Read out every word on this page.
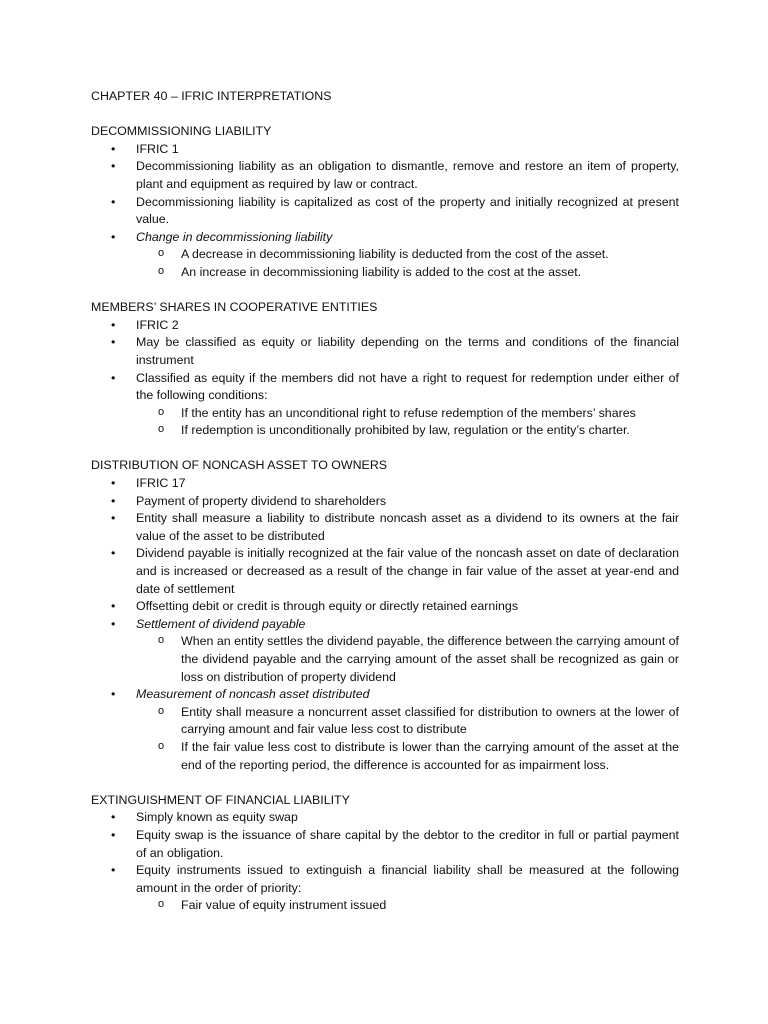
CHAPTER 40 – IFRIC INTERPRETATIONS
DECOMMISSIONING LIABILITY
• IFRIC 1
• Decommissioning liability as an obligation to dismantle, remove and restore an item of property, plant and equipment as required by law or contract.
• Decommissioning liability is capitalized as cost of the property and initially recognized at present value.
• Change in decommissioning liability
o A decrease in decommissioning liability is deducted from the cost of the asset.
o An increase in decommissioning liability is added to the cost at the asset.
MEMBERS’ SHARES IN COOPERATIVE ENTITIES
• IFRIC 2
• May be classified as equity or liability depending on the terms and conditions of the financial instrument
• Classified as equity if the members did not have a right to request for redemption under either of the following conditions:
o If the entity has an unconditional right to refuse redemption of the members’ shares
o If redemption is unconditionally prohibited by law, regulation or the entity’s charter.
DISTRIBUTION OF NONCASH ASSET TO OWNERS
• IFRIC 17
• Payment of property dividend to shareholders
• Entity shall measure a liability to distribute noncash asset as a dividend to its owners at the fair value of the asset to be distributed
• Dividend payable is initially recognized at the fair value of the noncash asset on date of declaration and is increased or decreased as a result of the change in fair value of the asset at year-end and date of settlement
• Offsetting debit or credit is through equity or directly retained earnings
• Settlement of dividend payable
o When an entity settles the dividend payable, the difference between the carrying amount of the dividend payable and the carrying amount of the asset shall be recognized as gain or loss on distribution of property dividend
• Measurement of noncash asset distributed
o Entity shall measure a noncurrent asset classified for distribution to owners at the lower of carrying amount and fair value less cost to distribute
o If the fair value less cost to distribute is lower than the carrying amount of the asset at the end of the reporting period, the difference is accounted for as impairment loss.
EXTINGUISHMENT OF FINANCIAL LIABILITY
• Simply known as equity swap
• Equity swap is the issuance of share capital by the debtor to the creditor in full or partial payment of an obligation.
• Equity instruments issued to extinguish a financial liability shall be measured at the following amount in the order of priority:
o Fair value of equity instrument issued
